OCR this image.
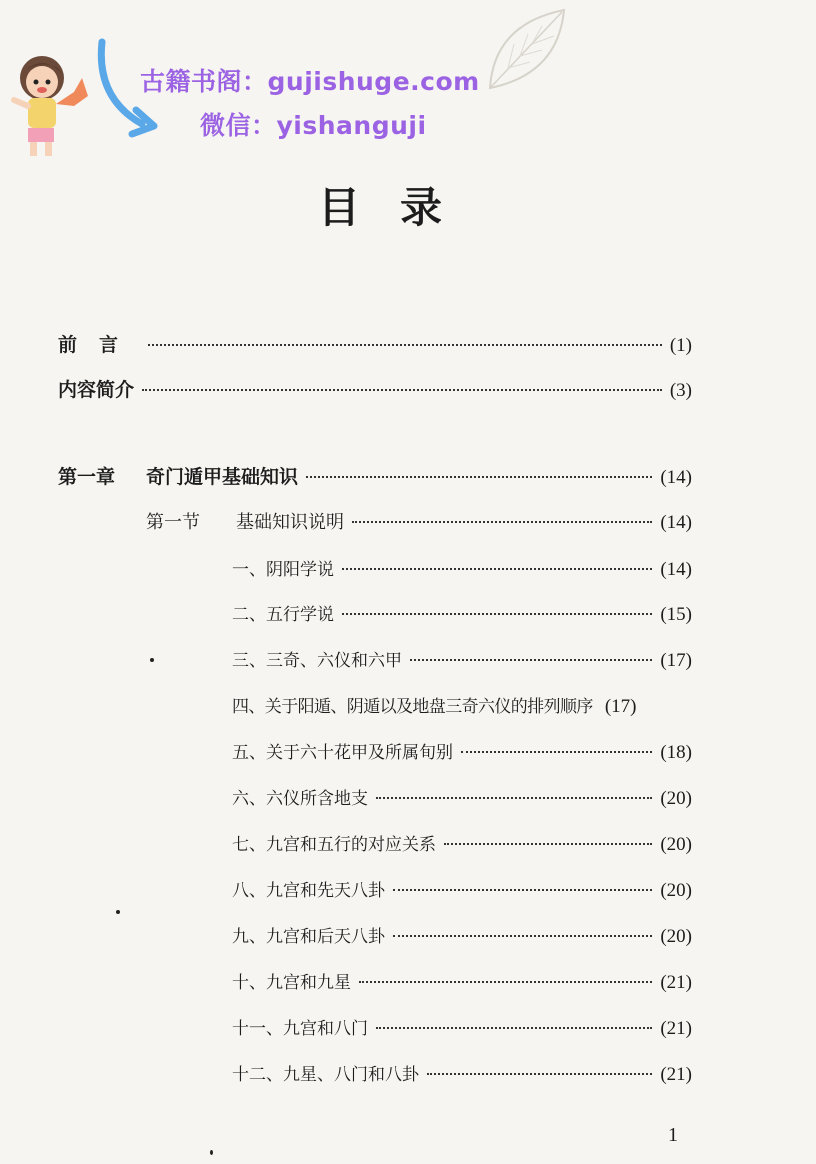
古籍书阁：gujishuge.com
微信：yishanguji
目录
前言	(1)
内容简介	(3)
第一章 奇门遁甲基础知识	(14)
第一节 基础知识说明	(14)
一、阴阳学说	(14)
二、五行学说	(15)
三、三奇、六仪和六甲	(17)
四、关于阳遁、阴遁以及地盘三奇六仪的排列顺序 (17)
五、关于六十花甲及所属旬别	(18)
六、六仪所含地支	(20)
七、九宫和五行的对应关系	(20)
八、九宫和先天八卦	(20)
九、九宫和后天八卦	(20)
十、九宫和九星	(21)
十一、九宫和八门	(21)
十二、九星、八门和八卦	(21)
1
